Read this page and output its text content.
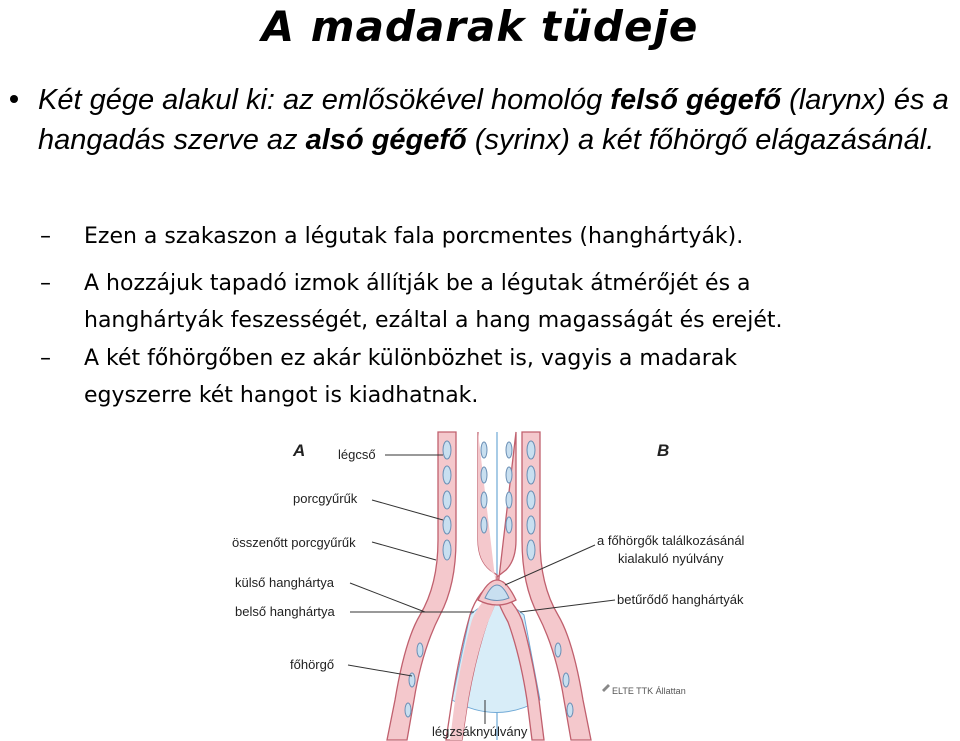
A madarak tüdeje
Két gége alakul ki: az emlősökével homológ felső gégefő (larynx) és a hangadás szerve az alsó gégefő (syrinx) a két főhörgő elágazásánál.
– Ezen a szakaszon a légutak fala porcmentes (hanghártyák).
– A hozzájuk tapadó izmok állítják be a légutak átmérőjét és a
hanghártyák feszességét, ezáltal a hang magasságát és erejét.
– A két főhörgőben ez akár különbözhet is, vagyis a madarak
egyszerre két hangot is kiadhatnak.
A	B
légcső
porcgyűrűk
összenőtt porcgyűrűk
külső hanghártya
belső hanghártya
főhörgő
a főhörgők találkozásánál
kialakuló nyúlvány
betűrődő hanghártyák
légzsáknyúlvány
ELTE TTK Állattan
